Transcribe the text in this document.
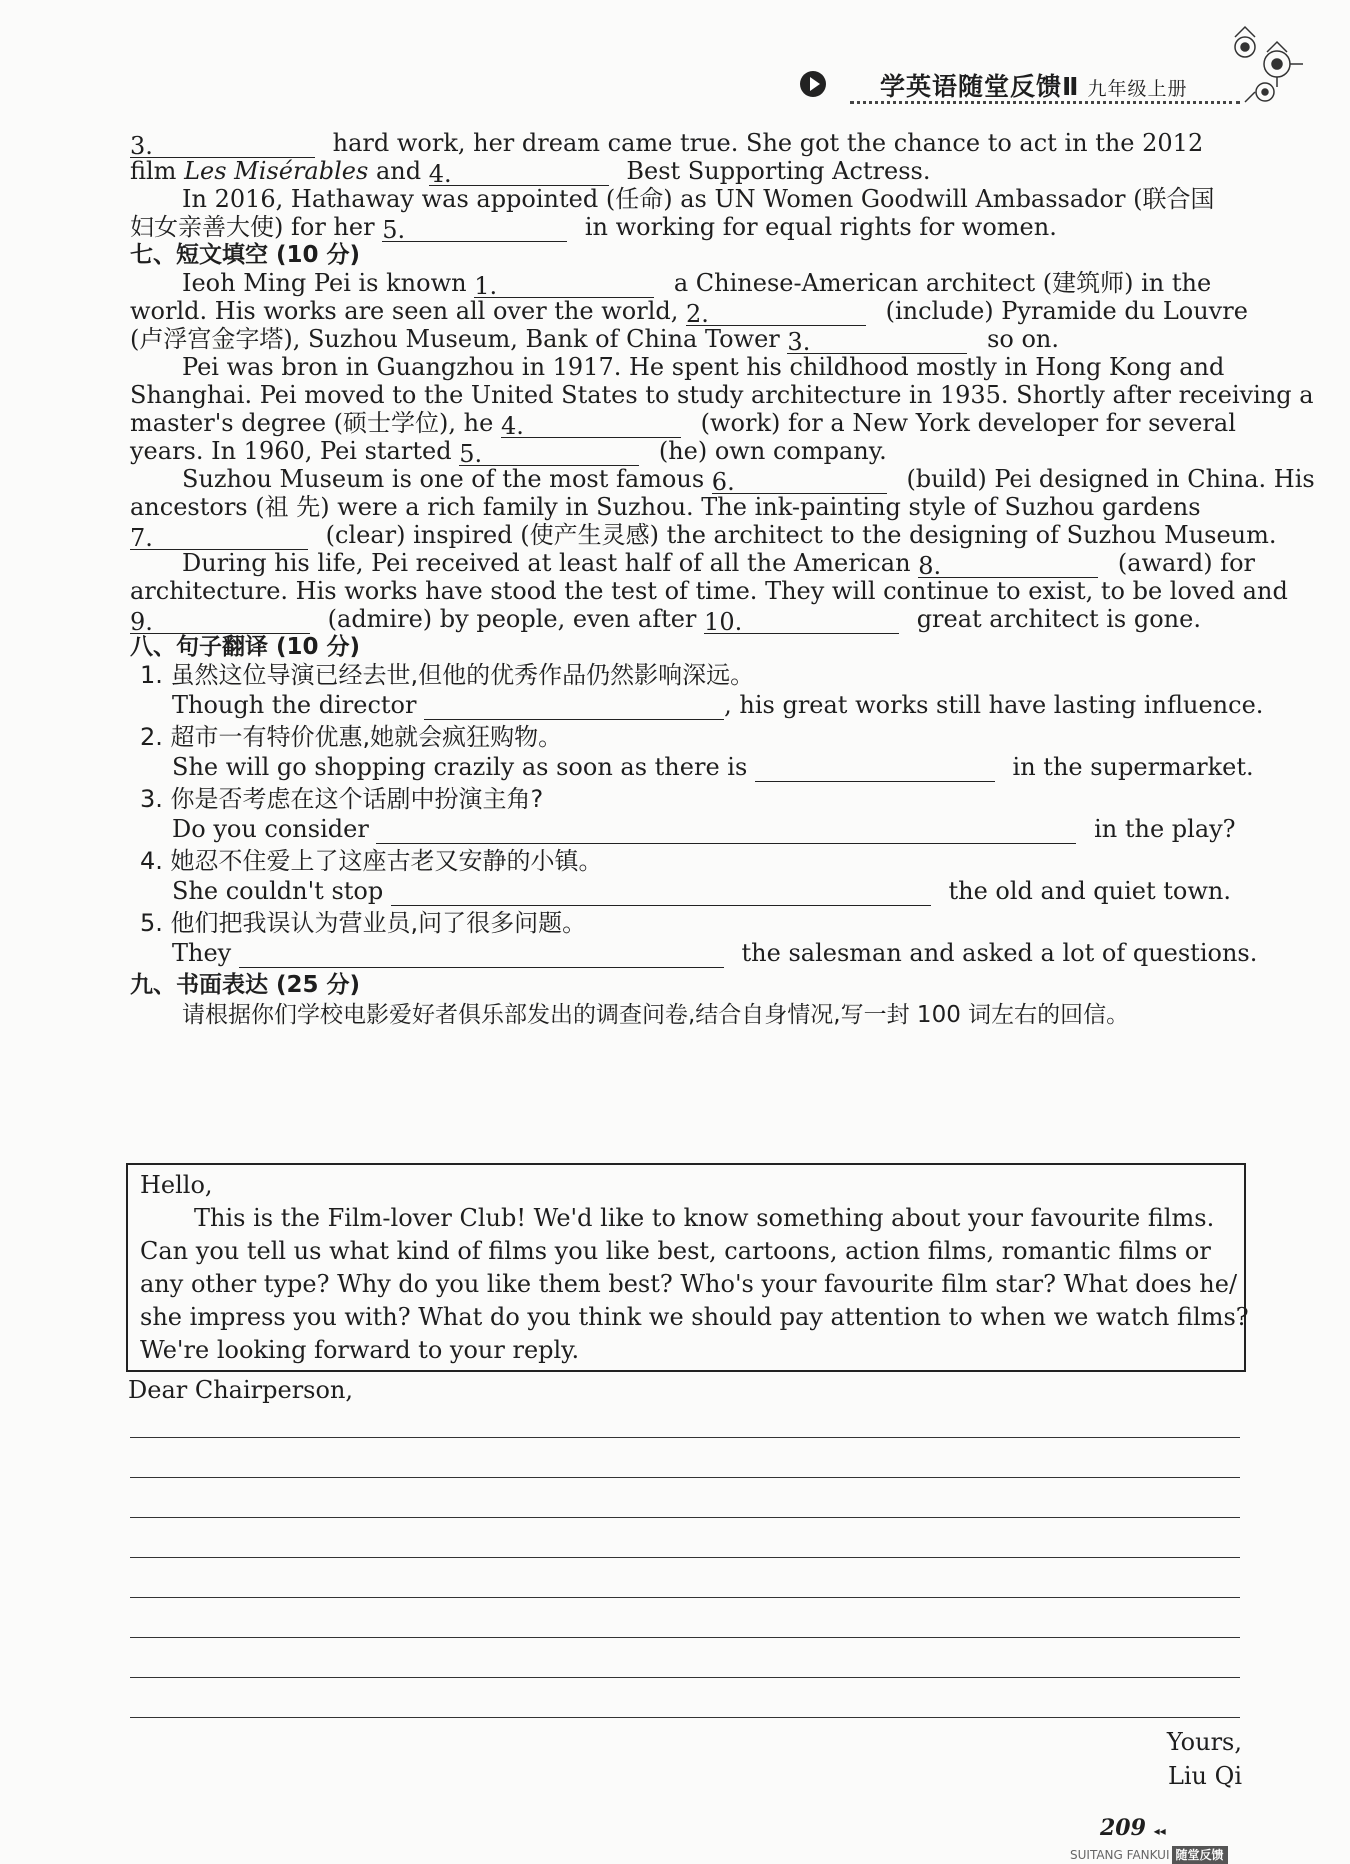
学英语随堂反馈Ⅱ 九年级上册
3.	hard work, her dream came true. She got the chance to act in the 2012
film Les Misérables and 4.	Best Supporting Actress.
In 2016, Hathaway was appointed (任命) as UN Women Goodwill Ambassador (联合国
妇女亲善大使) for her 5.	in working for equal rights for women.
七、短文填空 (10 分)
Ieoh Ming Pei is known 1.	a Chinese-American architect (建筑师) in the
world. His works are seen all over the world, 2.	(include) Pyramide du Louvre
(卢浮宫金字塔), Suzhou Museum, Bank of China Tower 3.	so on.
Pei was bron in Guangzhou in 1917. He spent his childhood mostly in Hong Kong and
Shanghai. Pei moved to the United States to study architecture in 1935. Shortly after receiving a
master's degree (硕士学位), he 4.	(work) for a New York developer for several
years. In 1960, Pei started 5.	(he) own company.
Suzhou Museum is one of the most famous 6.	(build) Pei designed in China. His
ancestors (祖 先) were a rich family in Suzhou. The ink-painting style of Suzhou gardens
7.	(clear) inspired (使产生灵感) the architect to the designing of Suzhou Museum.
During his life, Pei received at least half of all the American 8.	(award) for
architecture. His works have stood the test of time. They will continue to exist, to be loved and
9.	(admire) by people, even after 10.	great architect is gone.
八、句子翻译 (10 分)
1. 虽然这位导演已经去世,但他的优秀作品仍然影响深远。
Though the director	, his great works still have lasting influence.
2. 超市一有特价优惠,她就会疯狂购物。
She will go shopping crazily as soon as there is	in the supermarket.
3. 你是否考虑在这个话剧中扮演主角?
Do you consider	in the play?
4. 她忍不住爱上了这座古老又安静的小镇。
She couldn't stop	the old and quiet town.
5. 他们把我误认为营业员,问了很多问题。
They	the salesman and asked a lot of questions.
九、书面表达 (25 分)
请根据你们学校电影爱好者俱乐部发出的调查问卷,结合自身情况,写一封 100 词左右的回信。
Hello,
This is the Film-lover Club! We'd like to know something about your favourite films.
Can you tell us what kind of films you like best, cartoons, action films, romantic films or
any other type? Why do you like them best? Who's your favourite film star? What does he/
she impress you with? What do you think we should pay attention to when we watch films?
We're looking forward to your reply.
Dear Chairperson,
Yours,
Liu Qi
209 ◂◂
SUITANG FANKUI 随堂反馈
